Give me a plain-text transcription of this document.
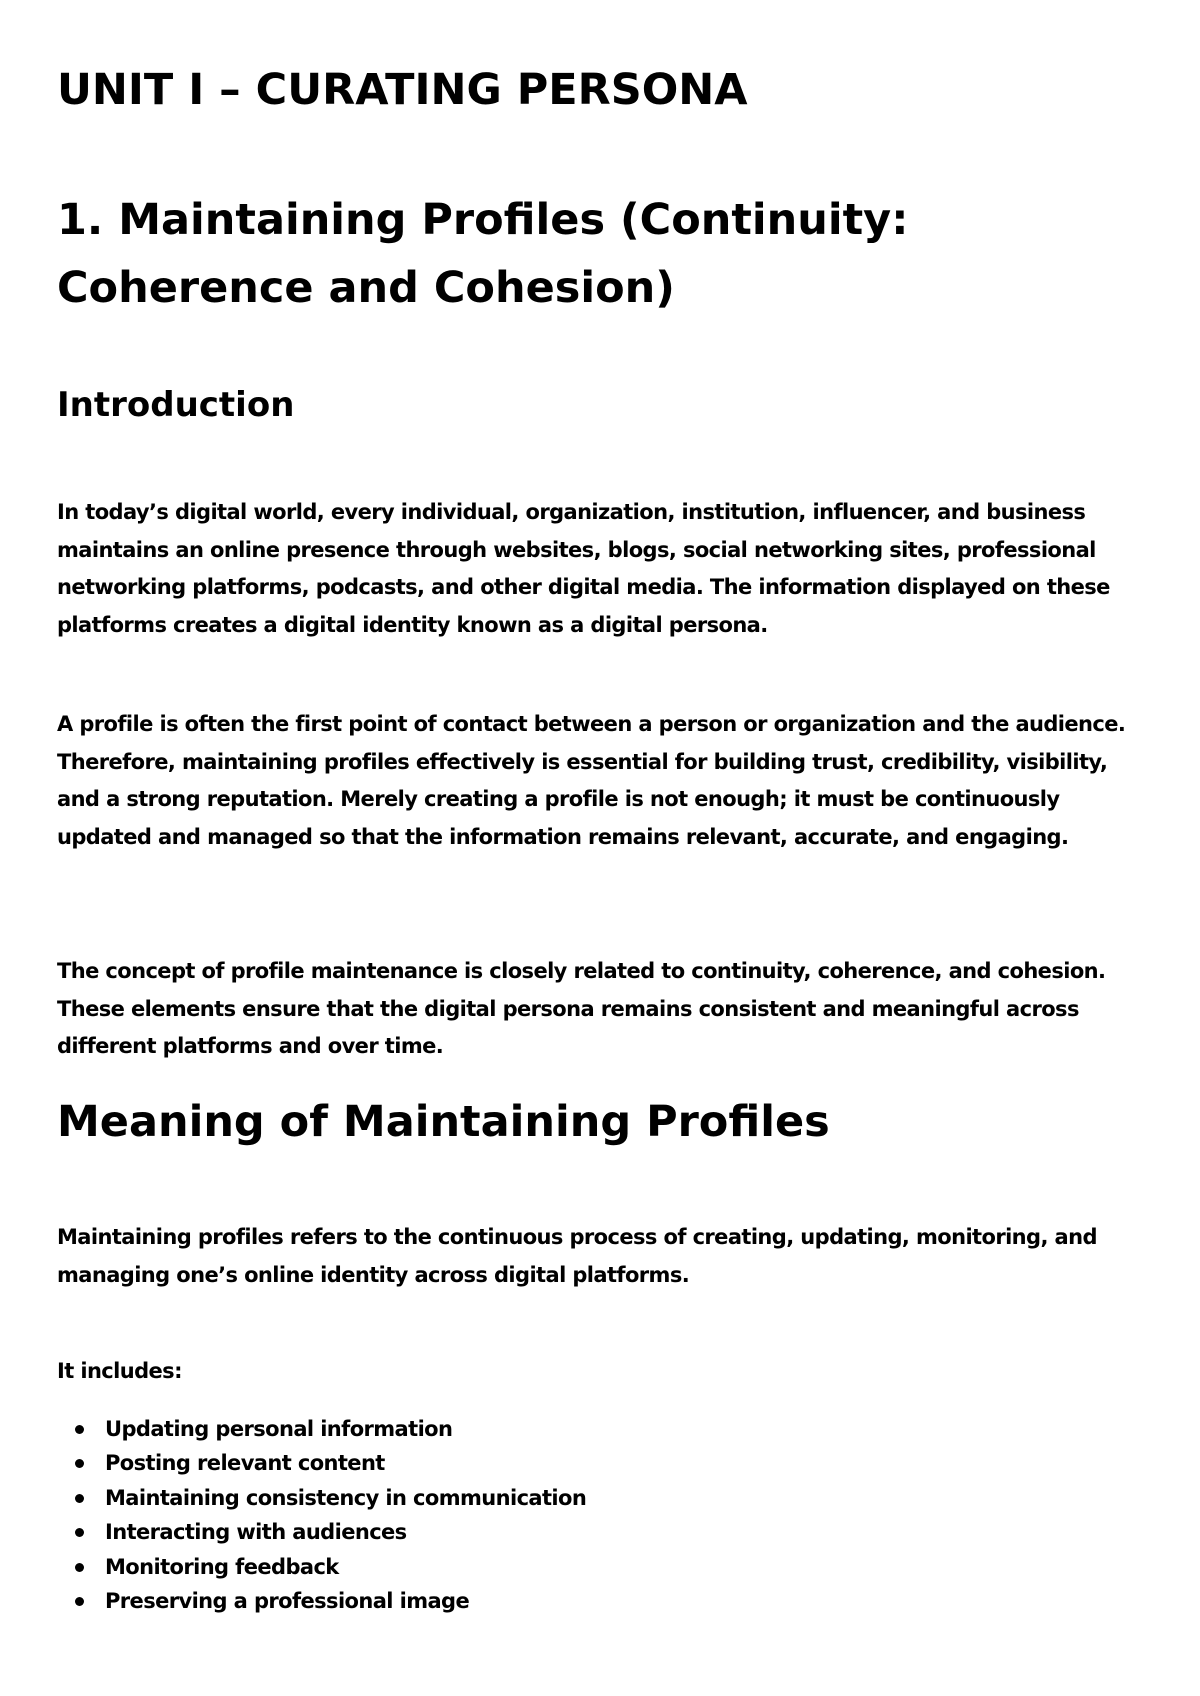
UNIT I – CURATING PERSONA
1. Maintaining Profiles (Continuity: Coherence and Cohesion)
Introduction

In today’s digital world, every individual, organization, institution, influencer, and business maintains an online presence through websites, blogs, social networking sites, professional networking platforms, podcasts, and other digital media. The information displayed on these platforms creates a digital identity known as a digital persona.

A profile is often the first point of contact between a person or organization and the audience. Therefore, maintaining profiles effectively is essential for building trust, credibility, visibility, and a strong reputation. Merely creating a profile is not enough; it must be continuously updated and managed so that the information remains relevant, accurate, and engaging.

The concept of profile maintenance is closely related to continuity, coherence, and cohesion. These elements ensure that the digital persona remains consistent and meaningful across different platforms and over time.

Meaning of Maintaining Profiles

Maintaining profiles refers to the continuous process of creating, updating, monitoring, and managing one’s online identity across digital platforms.

It includes:

Updating personal information
Posting relevant content
Maintaining consistency in communication
Interacting with audiences
Monitoring feedback
Preserving a professional image
